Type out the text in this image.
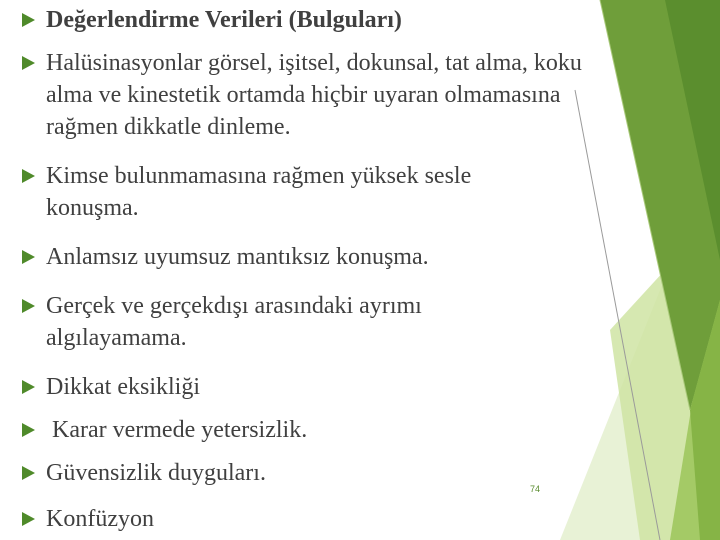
Değerlendirme Verileri (Bulguları)
Halüsinasyonlar görsel, işitsel, dokunsal, tat alma, koku alma ve kinestetik ortamda hiçbir uyaran olmamasına rağmen dikkatle dinleme.
Kimse bulunmamasına rağmen yüksek sesle konuşma.
Anlamsız uyumsuz mantıksız konuşma.
Gerçek ve gerçekdışı arasındaki ayrımı algılayamama.
Dikkat eksikliği
Karar vermede yetersizlik.
Güvensizlik duyguları.
Konfüzyon
74
